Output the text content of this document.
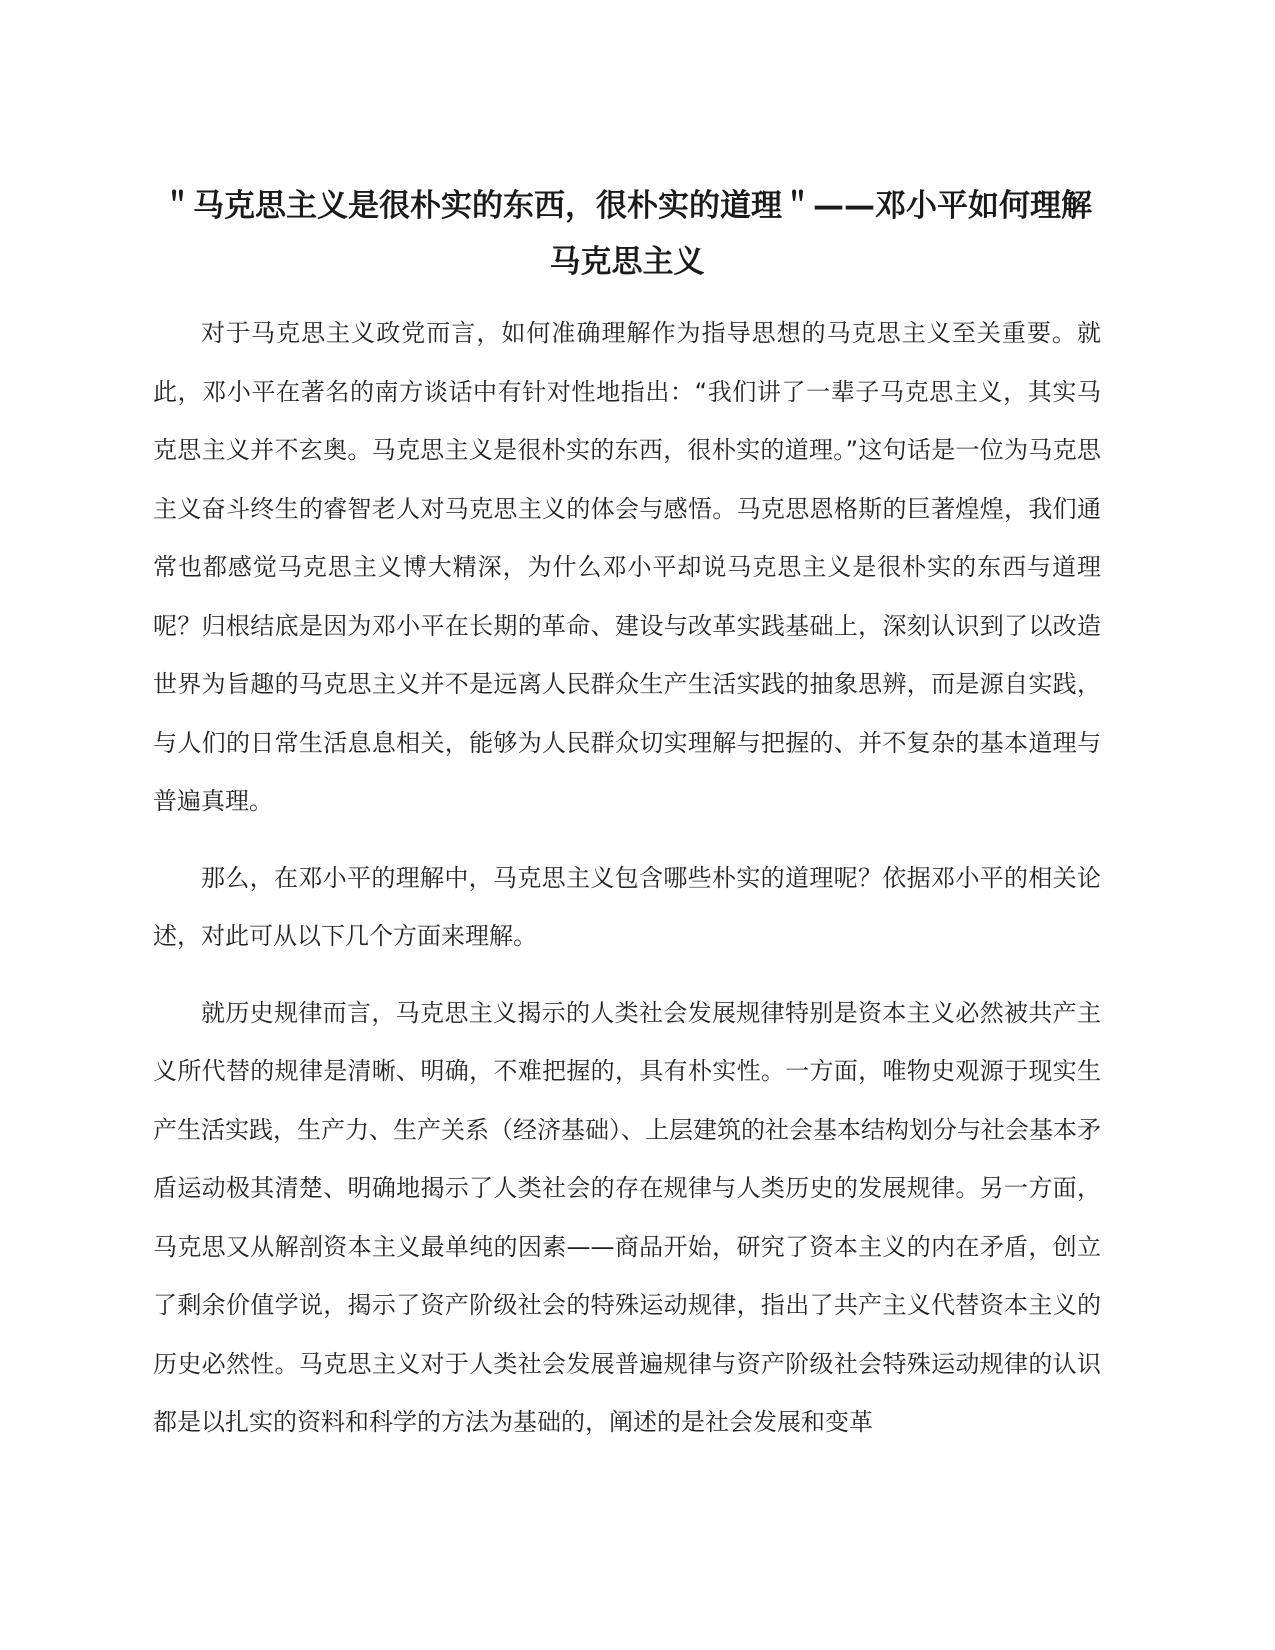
＂马克思主义是很朴实的东西，很朴实的道理＂——邓小平如何理解马克思主义

对于马克思主义政党而言，如何准确理解作为指导思想的马克思主义至关重要。就此，邓小平在著名的南方谈话中有针对性地指出：“我们讲了一辈子马克思主义，其实马克思主义并不玄奥。马克思主义是很朴实的东西，很朴实的道理。”这句话是一位为马克思主义奋斗终生的睿智老人对马克思主义的体会与感悟。马克思恩格斯的巨著煌煌，我们通常也都感觉马克思主义博大精深，为什么邓小平却说马克思主义是很朴实的东西与道理呢？归根结底是因为邓小平在长期的革命、建设与改革实践基础上，深刻认识到了以改造世界为旨趣的马克思主义并不是远离人民群众生产生活实践的抽象思辨，而是源自实践，与人们的日常生活息息相关，能够为人民群众切实理解与把握的、并不复杂的基本道理与普遍真理。

那么，在邓小平的理解中，马克思主义包含哪些朴实的道理呢？依据邓小平的相关论述，对此可从以下几个方面来理解。

就历史规律而言，马克思主义揭示的人类社会发展规律特别是资本主义必然被共产主义所代替的规律是清晰、明确，不难把握的，具有朴实性。一方面，唯物史观源于现实生产生活实践，生产力、生产关系（经济基础）、上层建筑的社会基本结构划分与社会基本矛盾运动极其清楚、明确地揭示了人类社会的存在规律与人类历史的发展规律。另一方面，马克思又从解剖资本主义最单纯的因素——商品开始，研究了资本主义的内在矛盾，创立了剩余价值学说，揭示了资产阶级社会的特殊运动规律，指出了共产主义代替资本主义的历史必然性。马克思主义对于人类社会发展普遍规律与资产阶级社会特殊运动规律的认识都是以扎实的资料和科学的方法为基础的，阐述的是社会发展和变革
